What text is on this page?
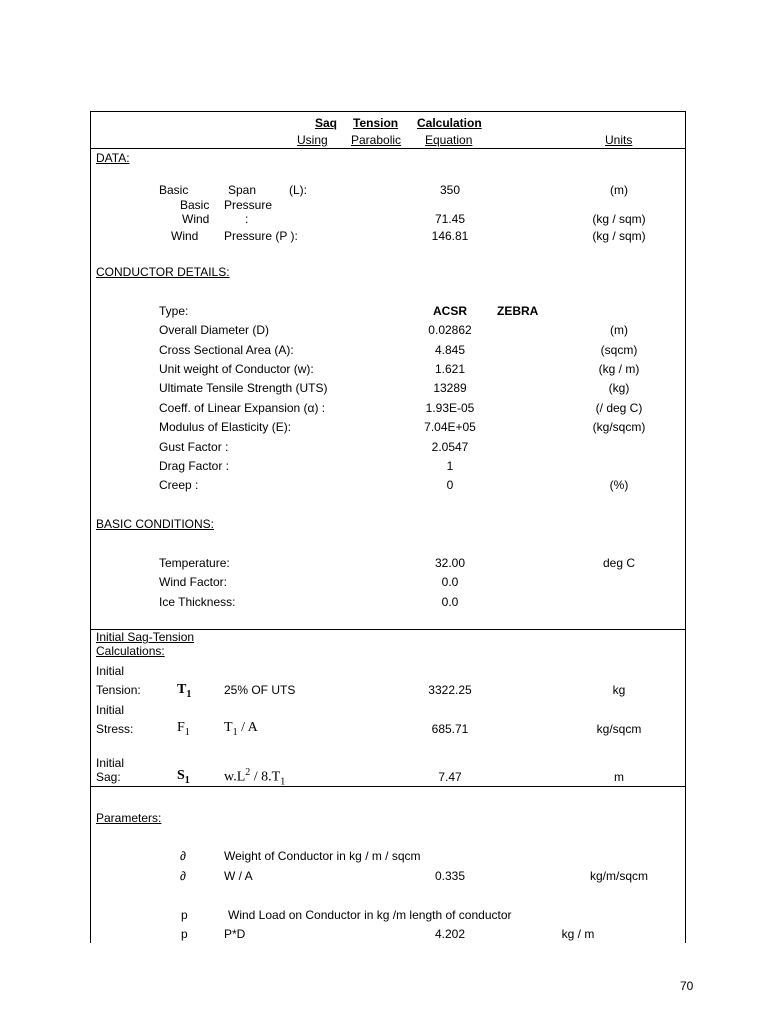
Saq Tension Calculation
Using Parabolic Equation	Units
DATA:
Basic	Span	(L):	350	(m)
Basic Pressure
Wind	:	71.45	(kg / sqm)
Wind Pressure (P ):	146.81	(kg / sqm)
CONDUCTOR DETAILS:
Type:	ACSR ZEBRA
Overall Diameter (D)	0.02862	(m)
Cross Sectional Area (A):	4.845	(sqcm)
Unit weight of Conductor (w):	1.621	(kg / m)
Ultimate Tensile Strength (UTS)	13289	(kg)
Coeff. of Linear Expansion (α) :	1.93E-05	(/ deg C)
Modulus of Elasticity (E):	7.04E+05	(kg/sqcm)
Gust Factor :	2.0547
Drag Factor :	1
Creep :	0	(%)
BASIC CONDITIONS:
Temperature:	32.00	deg C
Wind Factor:	0.0
Ice Thickness:	0.0
Initial Sag-Tension
Calculations:
Initial
Tension:	$T_1$	25% OF UTS	3322.25	kg
Initial
Stress:	$F_1$ $T_1$ / A	685.71	kg/sqcm
Initial
Sag:	$S_1$ $w.L^2 / 8.T_1$	7.47	m
Parameters:
∂	Weight of Conductor in kg / m / sqcm
∂	W / A	0.335	kg/m/sqcm
p	Wind Load on Conductor in kg /m length of conductor
p	P*D	4.202	kg / m
70
